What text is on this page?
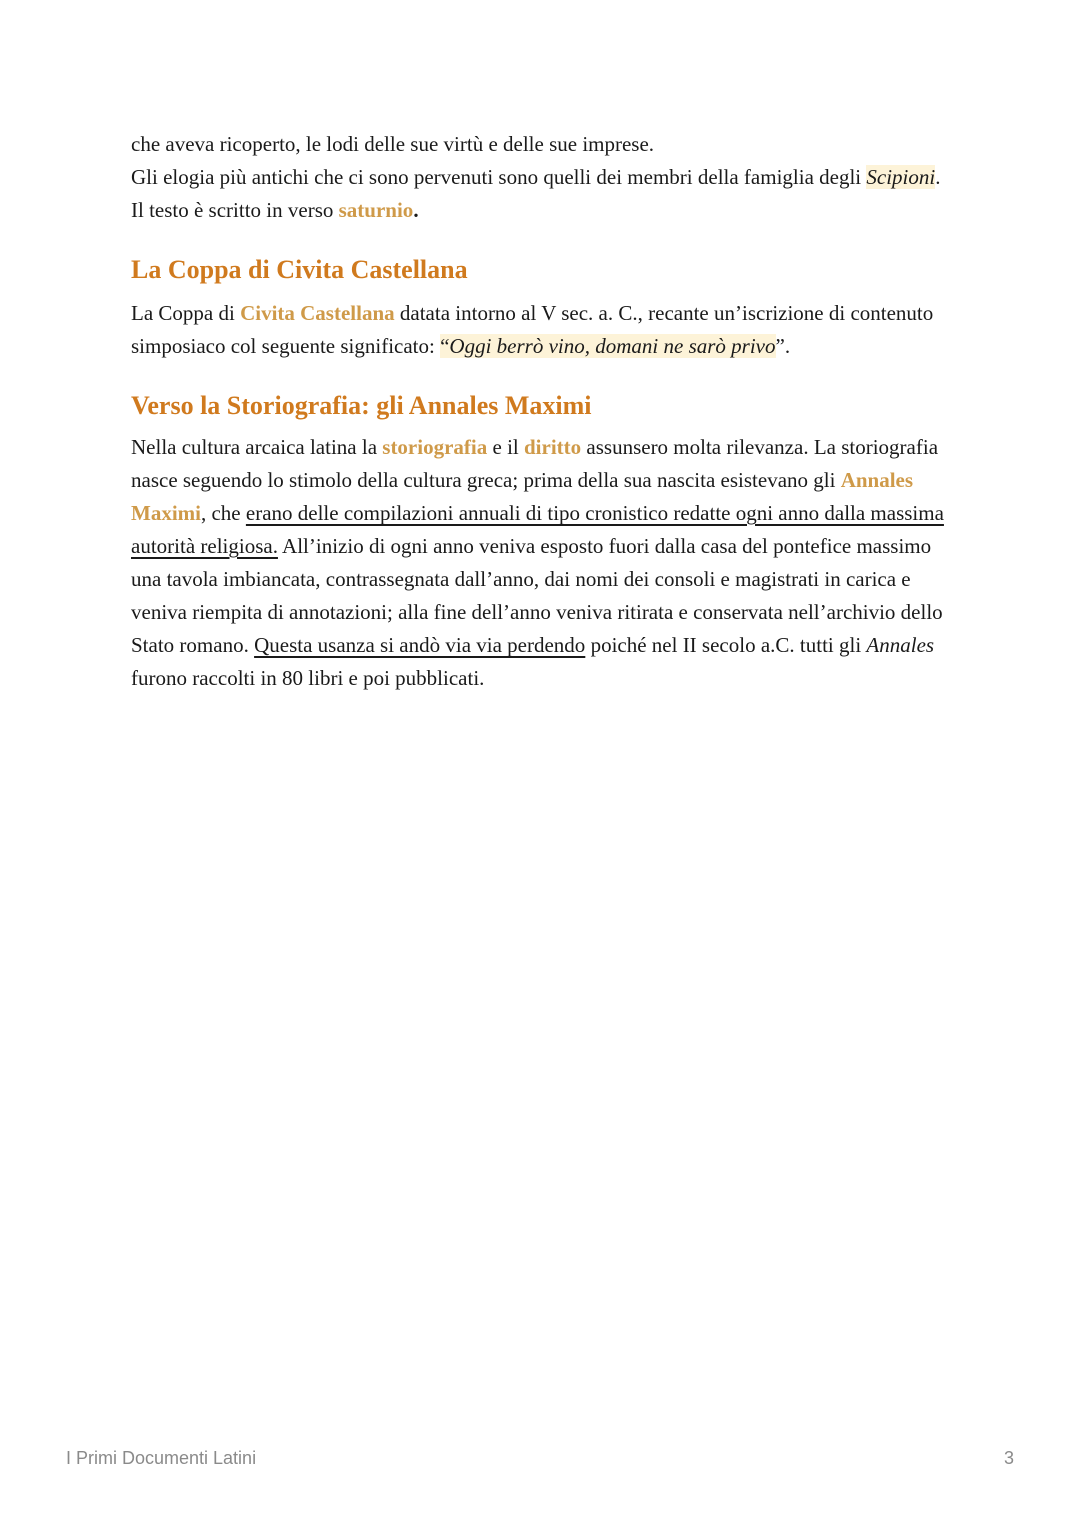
che aveva ricoperto, le lodi delle sue virtù e delle sue imprese.
Gli elogia più antichi che ci sono pervenuti sono quelli dei membri della famiglia degli Scipioni. Il testo è scritto in verso saturnio.

La Coppa di Civita Castellana

La Coppa di Civita Castellana datata intorno al V sec. a. C., recante un’iscrizione di contenuto simposiaco col seguente significato: “Oggi berrò vino, domani ne sarò privo”.

Verso la Storiografia: gli Annales Maximi

Nella cultura arcaica latina la storiografia e il diritto assunsero molta rilevanza. La storiografia nasce seguendo lo stimolo della cultura greca; prima della sua nascita esistevano gli Annales Maximi, che erano delle compilazioni annuali di tipo cronistico redatte ogni anno dalla massima autorità religiosa. All’inizio di ogni anno veniva esposto fuori dalla casa del pontefice massimo una tavola imbiancata, contrassegnata dall’anno, dai nomi dei consoli e magistrati in carica e veniva riempita di annotazioni; alla fine dell’anno veniva ritirata e conservata nell’archivio dello Stato romano. Questa usanza si andò via via perdendo poiché nel II secolo a.C. tutti gli Annales furono raccolti in 80 libri e poi pubblicati.

I Primi Documenti Latini	3
